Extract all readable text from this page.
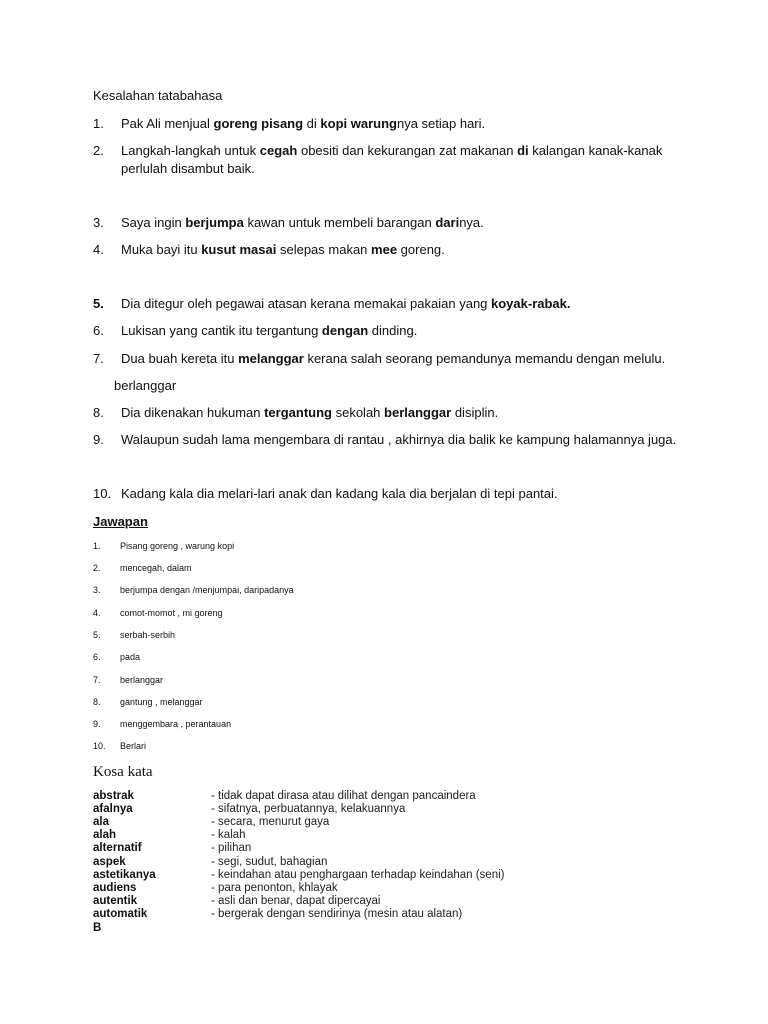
Kesalahan tatabahasa
1. Pak Ali menjual goreng pisang di kopi warungnya setiap hari.
2. Langkah-langkah untuk cegah obesiti dan kekurangan zat makanan di kalangan kanak-kanak perlulah disambut baik.
3. Saya ingin berjumpa kawan untuk membeli barangan darinya.
4. Muka bayi itu kusut masai selepas makan mee goreng.
5. Dia ditegur oleh pegawai atasan kerana memakai pakaian yang koyak-rabak.
6. Lukisan yang cantik itu tergantung dengan dinding.
7. Dua buah kereta itu melanggar kerana salah seorang pemandunya memandu dengan melulu.
berlanggar
8. Dia dikenakan hukuman tergantung sekolah berlanggar disiplin.
9. Walaupun sudah lama mengembara di rantau , akhirnya dia balik ke kampung halamannya juga.
10. Kadang kala dia melari-lari anak dan kadang kala dia berjalan di tepi pantai.
Jawapan
1. Pisang goreng , warung kopi
2. mencegah, dalam
3. berjumpa dengan /menjumpai, daripadanya
4. comot-momot , mi goreng
5. serbah-serbih
6. pada
7. berlanggar
8. gantung , melanggar
9. menggembara , perantauan
10. Berlari
Kosa kata
abstrak	- tidak dapat dirasa atau dilihat dengan pancaindera
afalnya	- sifatnya, perbuatannya, kelakuannya
ala	- secara, menurut gaya
alah	- kalah
alternatif	- pilihan
aspek	- segi, sudut, bahagian
astetikanya	- keindahan atau penghargaan terhadap keindahan (seni)
audiens	- para penonton, khlayak
autentik	- asli dan benar, dapat dipercayai
automatik	- bergerak dengan sendirinya (mesin atau alatan)
B
